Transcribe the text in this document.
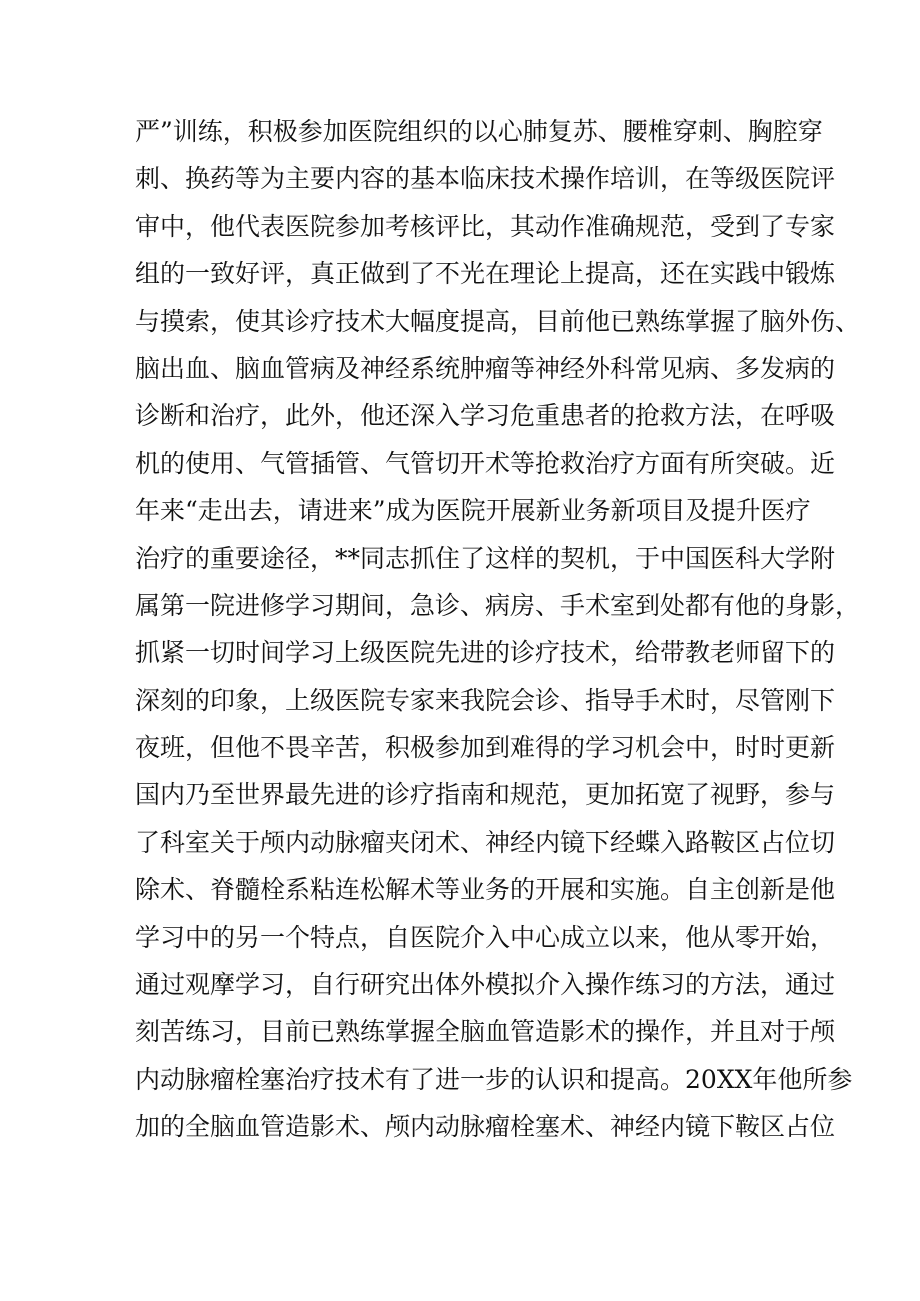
严”训练，积极参加医院组织的以心肺复苏、腰椎穿刺、胸腔穿
刺、换药等为主要内容的基本临床技术操作培训，在等级医院评
审中，他代表医院参加考核评比，其动作准确规范，受到了专家
组的一致好评，真正做到了不光在理论上提高，还在实践中锻炼
与摸索，使其诊疗技术大幅度提高，目前他已熟练掌握了脑外伤、
脑出血、脑血管病及神经系统肿瘤等神经外科常见病、多发病的
诊断和治疗，此外，他还深入学习危重患者的抢救方法，在呼吸
机的使用、气管插管、气管切开术等抢救治疗方面有所突破。近
年来“走出去，请进来”成为医院开展新业务新项目及提升医疗
治疗的重要途径，**同志抓住了这样的契机，于中国医科大学附
属第一院进修学习期间，急诊、病房、手术室到处都有他的身影，
抓紧一切时间学习上级医院先进的诊疗技术，给带教老师留下的
深刻的印象，上级医院专家来我院会诊、指导手术时，尽管刚下
夜班，但他不畏辛苦，积极参加到难得的学习机会中，时时更新
国内乃至世界最先进的诊疗指南和规范，更加拓宽了视野，参与
了科室关于颅内动脉瘤夹闭术、神经内镜下经蝶入路鞍区占位切
除术、脊髓栓系粘连松解术等业务的开展和实施。自主创新是他
学习中的另一个特点，自医院介入中心成立以来，他从零开始，
通过观摩学习，自行研究出体外模拟介入操作练习的方法，通过
刻苦练习，目前已熟练掌握全脑血管造影术的操作，并且对于颅
内动脉瘤栓塞治疗技术有了进一步的认识和提高。20XX年他所参
加的全脑血管造影术、颅内动脉瘤栓塞术、神经内镜下鞍区占位
